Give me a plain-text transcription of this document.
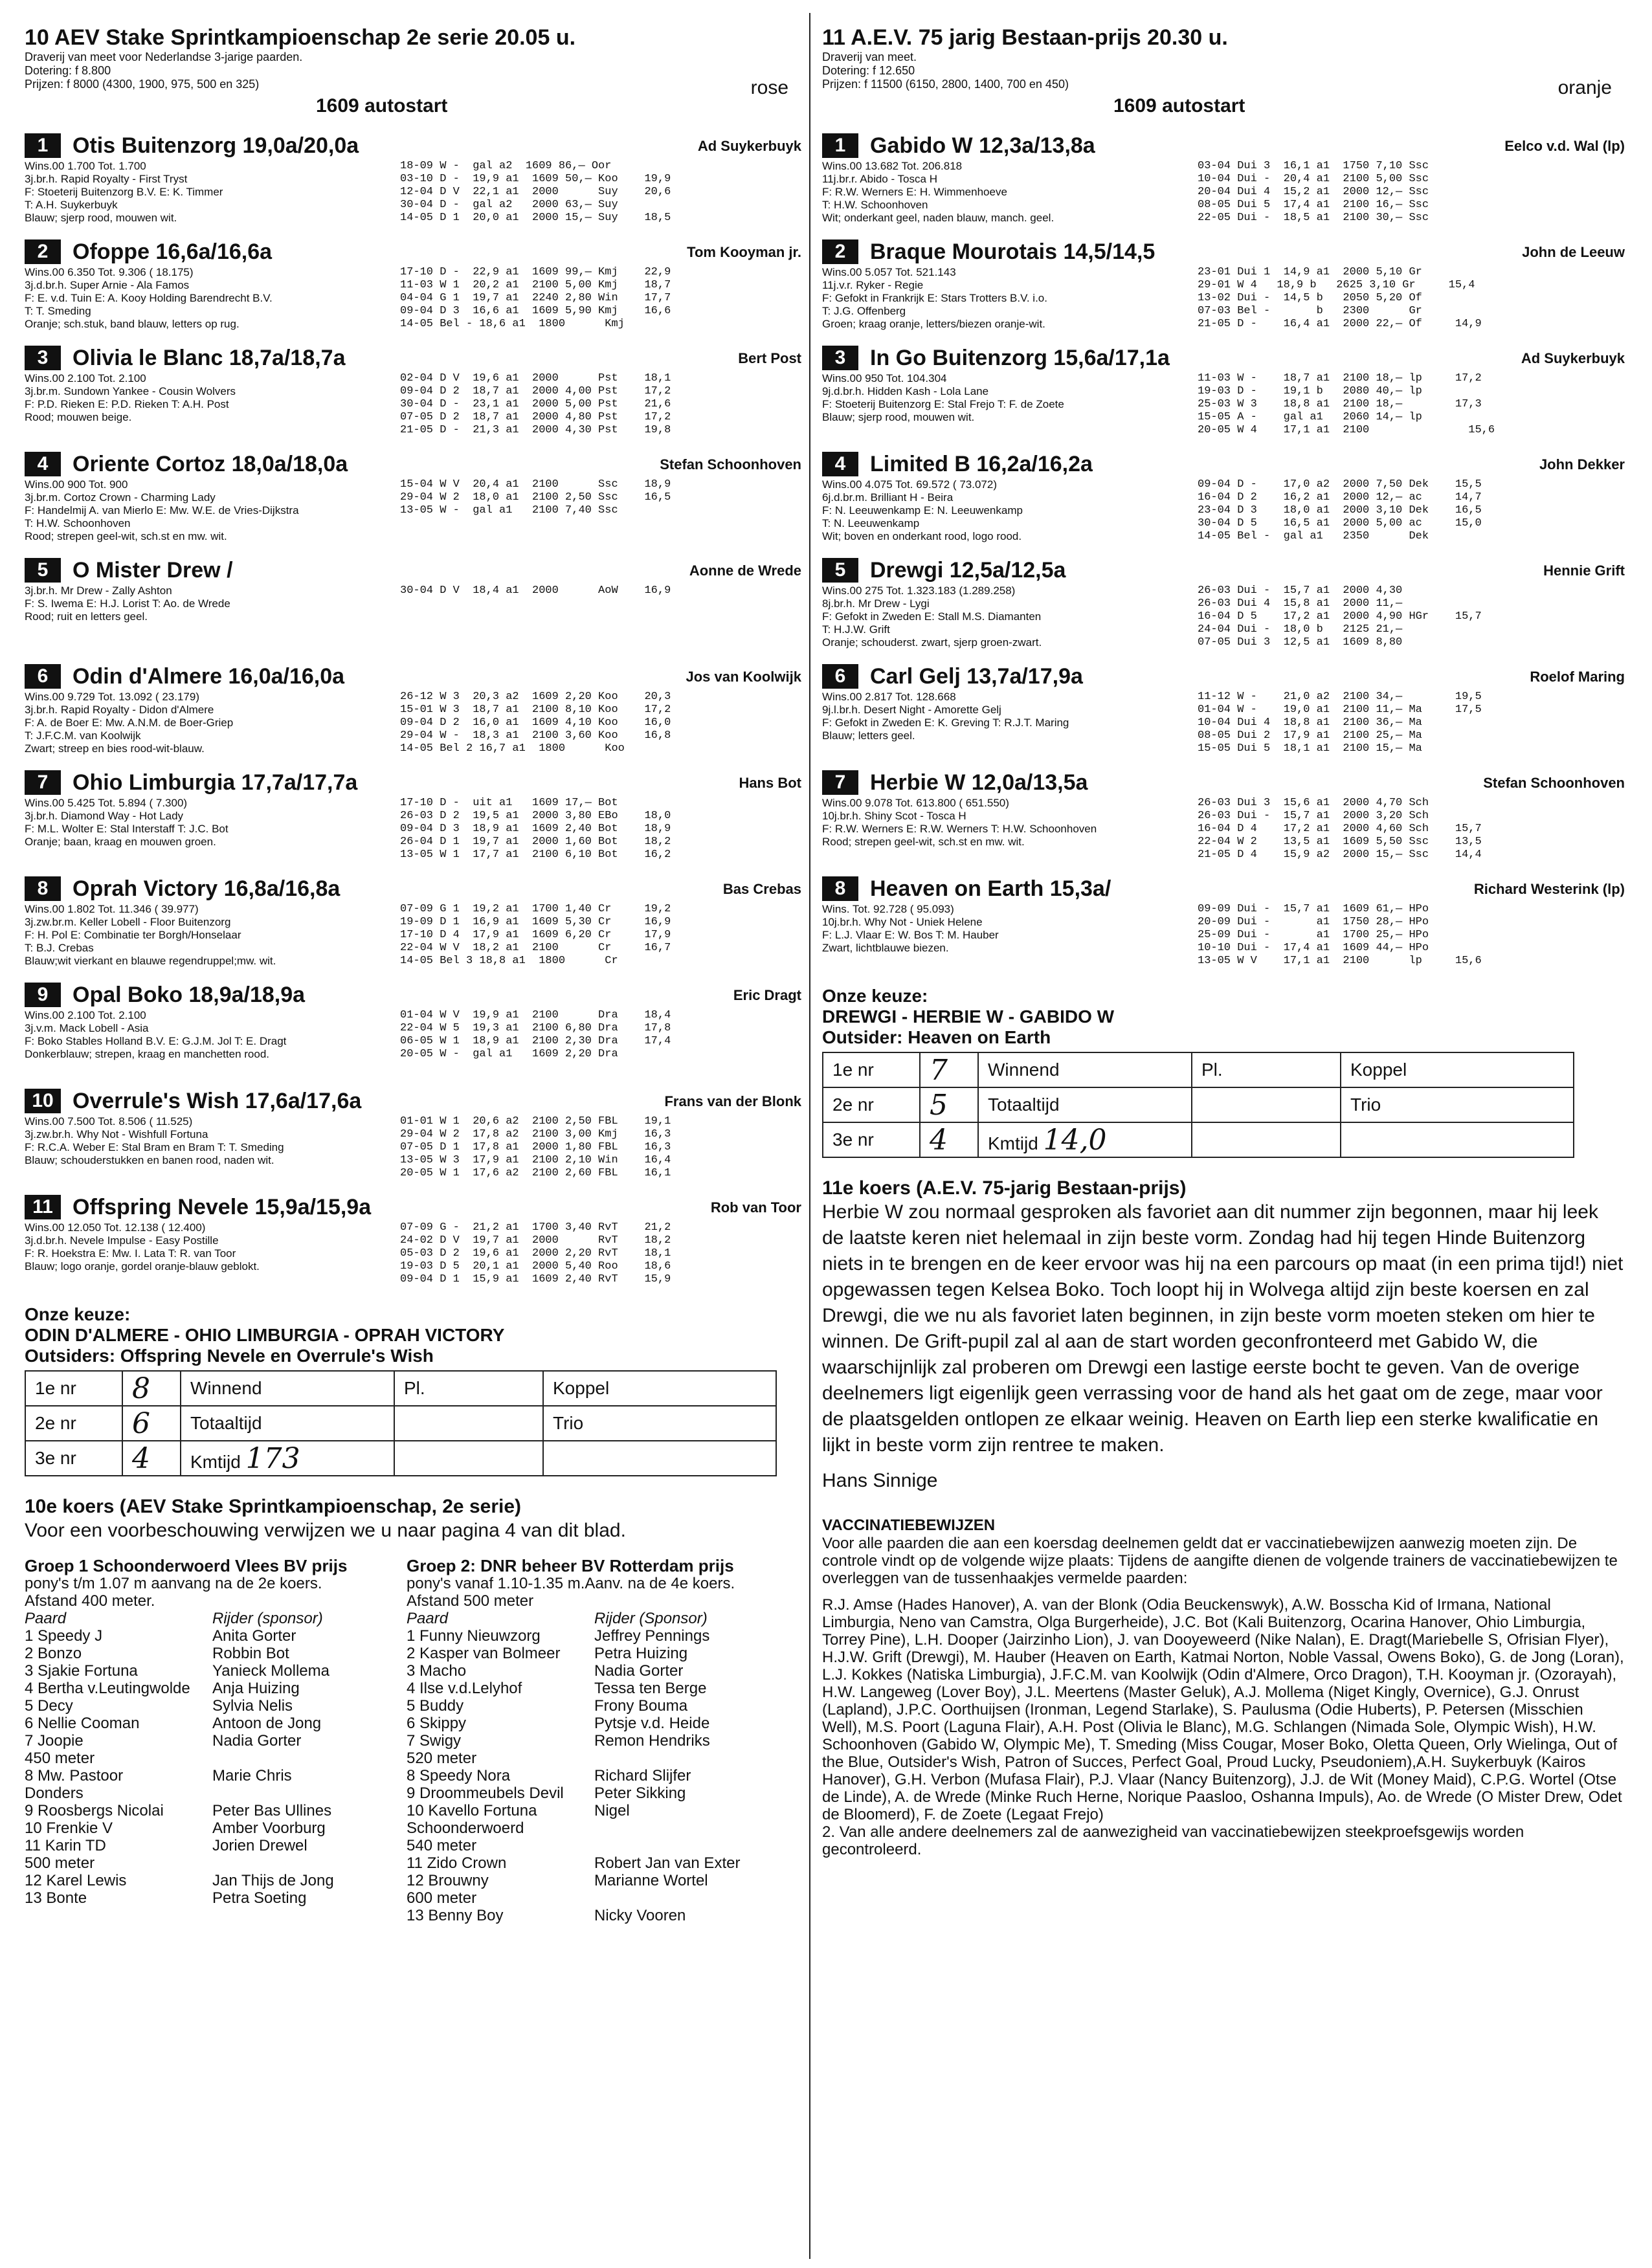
10 AEV Stake Sprintkampioenschap 2e serie 20.05 u.
Draverij van meet voor Nederlandse 3-jarige paarden.
Dotering: f 8.800
Prijzen: f 8000 (4300, 1900, 975, 500 en 325)	rose
1609 autostart
1	Otis Buitenzorg 19,0a/20,0a	Ad Suykerbuyk
Wins.00 1.700 Tot. 1.700
3j.br.h. Rapid Royalty - First Tryst
F: Stoeterij Buitenzorg B.V. E: K. Timmer
T: A.H. Suykerbuyk
Blauw; sjerp rood, mouwen wit.
18-09 W -  gal a2  1609 86,— Oor
03-10 D -  19,9 a1  1609 50,— Koo    19,9
12-04 D V  22,1 a1  2000      Suy    20,6
30-04 D -  gal a2   2000 63,— Suy
14-05 D 1  20,0 a1  2000 15,— Suy    18,5
2	Ofoppe 16,6a/16,6a	Tom Kooyman jr.
Wins.00 6.350 Tot. 9.306 ( 18.175)
3j.d.br.h. Super Arnie - Ala Famos
F: E. v.d. Tuin E: A. Kooy Holding Barendrecht B.V.
T: T. Smeding
Oranje; sch.stuk, band blauw, letters op rug.
17-10 D -  22,9 a1  1609 99,— Kmj    22,9
11-03 W 1  20,2 a1  2100 5,00 Kmj    18,7
04-04 G 1  19,7 a1  2240 2,80 Win    17,7
09-04 D 3  16,6 a1  1609 5,90 Kmj    16,6
14-05 Bel - 18,6 a1  1800      Kmj
3	Olivia le Blanc 18,7a/18,7a	Bert Post
Wins.00 2.100 Tot. 2.100
3j.br.m. Sundown Yankee - Cousin Wolvers
F: P.D. Rieken E: P.D. Rieken T: A.H. Post
Rood; mouwen beige.
02-04 D V  19,6 a1  2000      Pst    18,1
09-04 D 2  18,7 a1  2000 4,00 Pst    17,2
30-04 D -  23,1 a1  2000 5,00 Pst    21,6
07-05 D 2  18,7 a1  2000 4,80 Pst    17,2
21-05 D -  21,3 a1  2000 4,30 Pst    19,8
4	Oriente Cortoz 18,0a/18,0a	Stefan Schoonhoven
Wins.00 900 Tot. 900
3j.br.m. Cortoz Crown - Charming Lady
F: Handelmij A. van Mierlo E: Mw. W.E. de Vries-Dijkstra
T: H.W. Schoonhoven
Rood; strepen geel-wit, sch.st en mw. wit.
15-04 W V  20,4 a1  2100      Ssc    18,9
29-04 W 2  18,0 a1  2100 2,50 Ssc    16,5
13-05 W -  gal a1   2100 7,40 Ssc
5	O Mister Drew /	Aonne de Wrede
3j.br.h. Mr Drew - Zally Ashton
F: S. Iwema E: H.J. Lorist T: Ao. de Wrede
Rood; ruit en letters geel.
30-04 D V  18,4 a1  2000      AoW    16,9
6	Odin d'Almere 16,0a/16,0a	Jos van Koolwijk
Wins.00 9.729 Tot. 13.092 ( 23.179)
3j.br.h. Rapid Royalty - Didon d'Almere
F: A. de Boer E: Mw. A.N.M. de Boer-Griep
T: J.F.C.M. van Koolwijk
Zwart; streep en bies rood-wit-blauw.
26-12 W 3  20,3 a2  1609 2,20 Koo    20,3
15-01 W 3  18,7 a1  2100 8,10 Koo    17,2
09-04 D 2  16,0 a1  1609 4,10 Koo    16,0
29-04 W -  18,3 a1  2100 3,60 Koo    16,8
14-05 Bel 2 16,7 a1  1800      Koo
7	Ohio Limburgia 17,7a/17,7a	Hans Bot
Wins.00 5.425 Tot. 5.894 ( 7.300)
3j.br.h. Diamond Way - Hot Lady
F: M.L. Wolter E: Stal Interstaff T: J.C. Bot
Oranje; baan, kraag en mouwen groen.
17-10 D -  uit a1   1609 17,— Bot
26-03 D 2  19,5 a1  2000 3,80 EBo    18,0
09-04 D 3  18,9 a1  1609 2,40 Bot    18,9
26-04 D 1  19,7 a1  2000 1,60 Bot    18,2
13-05 W 1  17,7 a1  2100 6,10 Bot    16,2
8	Oprah Victory 16,8a/16,8a	Bas Crebas
Wins.00 1.802 Tot. 11.346 ( 39.977)
3j.zw.br.m. Keller Lobell - Floor Buitenzorg
F: H. Pol E: Combinatie ter Borgh/Honselaar
T: B.J. Crebas
Blauw;wit vierkant en blauwe regendruppel;mw. wit.
07-09 G 1  19,2 a1  1700 1,40 Cr     19,2
19-09 D 1  16,9 a1  1609 5,30 Cr     16,9
17-10 D 4  17,9 a1  1609 6,20 Cr     17,9
22-04 W V  18,2 a1  2100      Cr     16,7
14-05 Bel 3 18,8 a1  1800      Cr
9	Opal Boko 18,9a/18,9a	Eric Dragt
Wins.00 2.100 Tot. 2.100
3j.v.m. Mack Lobell - Asia
F: Boko Stables Holland B.V. E: G.J.M. Jol T: E. Dragt
Donkerblauw; strepen, kraag en manchetten rood.
01-04 W V  19,9 a1  2100      Dra    18,4
22-04 W 5  19,3 a1  2100 6,80 Dra    17,8
06-05 W 1  18,9 a1  2100 2,30 Dra    17,4
20-05 W -  gal a1   1609 2,20 Dra
10 Overrule's Wish 17,6a/17,6a	Frans van der Blonk
Wins.00 7.500 Tot. 8.506 ( 11.525)
3j.zw.br.h. Why Not - Wishfull Fortuna
F: R.C.A. Weber E: Stal Bram en Bram T: T. Smeding
Blauw; schouderstukken en banen rood, naden wit.
01-01 W 1  20,6 a2  2100 2,50 FBL    19,1
29-04 W 2  17,8 a2  2100 3,00 Kmj    16,3
07-05 D 1  17,8 a1  2000 1,80 FBL    16,3
13-05 W 3  17,9 a1  2100 2,10 Win    16,4
20-05 W 1  17,6 a2  2100 2,60 FBL    16,1
11 Offspring Nevele 15,9a/15,9a	Rob van Toor
Wins.00 12.050 Tot. 12.138 ( 12.400)
3j.d.br.h. Nevele Impulse - Easy Postille
F: R. Hoekstra E: Mw. I. Lata T: R. van Toor
Blauw; logo oranje, gordel oranje-blauw geblokt.
07-09 G -  21,2 a1  1700 3,40 RvT    21,2
24-02 D V  19,7 a1  2000      RvT    18,2
05-03 D 2  19,6 a1  2000 2,20 RvT    18,1
19-03 D 5  20,1 a1  2000 5,40 Roo    18,6
09-04 D 1  15,9 a1  1609 2,40 RvT    15,9
Onze keuze:
ODIN D'ALMERE - OHIO LIMBURGIA - OPRAH VICTORY
Outsiders: Offspring Nevele en Overrule's Wish
1e nr	8	Winnend	Pl.	Koppel
2e nr	6	Totaaltijd		Trio
3e nr	4	Kmtijd 173		
10e koers (AEV Stake Sprintkampioenschap, 2e serie)
Voor een voorbeschouwing verwijzen we u naar pagina 4 van dit blad.
Groep 1 Schoonderwoerd Vlees BV prijs
pony's t/m 1.07 m aanvang na de 2e koers.
Afstand 400 meter.
Paard	Rijder (sponsor)
1 Speedy J	Anita Gorter
2 Bonzo	Robbin Bot
3 Sjakie Fortuna	Yanieck Mollema
4 Bertha v.Leutingwolde	Anja Huizing
5 Decy	Sylvia Nelis
6 Nellie Cooman	Antoon de Jong
7 Joopie	Nadia Gorter
450 meter
8 Mw. Pastoor	Marie Chris
Donders
9 Roosbergs Nicolai	Peter Bas Ullines
10 Frenkie V	Amber Voorburg
11 Karin TD	Jorien Drewel
500 meter
12 Karel Lewis	Jan Thijs de Jong
13 Bonte	Petra Soeting
Groep 2: DNR beheer BV Rotterdam prijs
pony's vanaf 1.10-1.35 m.Aanv. na de 4e koers.
Afstand 500 meter
Paard	Rijder (Sponsor)
1 Funny Nieuwzorg	Jeffrey Pennings
2 Kasper van Bolmeer	Petra Huizing
3 Macho	Nadia Gorter
4 Ilse v.d.Lelyhof	Tessa ten Berge
5 Buddy	Frony Bouma
6 Skippy	Pytsje v.d. Heide
7 Swigy	Remon Hendriks
520 meter
8 Speedy Nora	Richard Slijfer
9 Droommeubels Devil	Peter Sikking
10 Kavello Fortuna	Nigel
Schoonderwoerd
540 meter
11 Zido Crown	Robert Jan van Exter
12 Brouwny	Marianne Wortel
600 meter
13 Benny Boy	Nicky Vooren
11 A.E.V. 75 jarig Bestaan-prijs 20.30 u.
Draverij van meet.
Dotering: f 12.650
Prijzen: f 11500 (6150, 2800, 1400, 700 en 450)	oranje
1609 autostart
1	Gabido W 12,3a/13,8a	Eelco v.d. Wal (lp)
Wins.00 13.682 Tot. 206.818
11j.br.r. Abido - Tosca H
F: R.W. Werners E: H. Wimmenhoeve
T: H.W. Schoonhoven
Wit; onderkant geel, naden blauw, manch. geel.
03-04 Dui 3  16,1 a1  1750 7,10 Ssc
10-04 Dui -  20,4 a1  2100 5,00 Ssc
20-04 Dui 4  15,2 a1  2000 12,— Ssc
08-05 Dui 5  17,4 a1  2100 16,— Ssc
22-05 Dui -  18,5 a1  2100 30,— Ssc
2	Braque Mourotais 14,5/14,5	John de Leeuw
Wins.00 5.057 Tot. 521.143
11j.v.r. Ryker - Regie
F: Gefokt in Frankrijk E: Stars Trotters B.V. i.o.
T: J.G. Offenberg
Groen; kraag oranje, letters/biezen oranje-wit.
23-01 Dui 1  14,9 a1  2000 5,10 Gr
29-01 W 4   18,9 b   2625 3,10 Gr     15,4
13-02 Dui -  14,5 b   2050 5,20 Of
07-03 Bel -       b   2300      Gr
21-05 D -    16,4 a1  2000 22,— Of     14,9
3	In Go Buitenzorg 15,6a/17,1a	Ad Suykerbuyk
Wins.00 950 Tot. 104.304
9j.d.br.h. Hidden Kash - Lola Lane
F: Stoeterij Buitenzorg E: Stal Frejo T: F. de Zoete
Blauw; sjerp rood, mouwen wit.
11-03 W -    18,7 a1  2100 18,— lp     17,2
19-03 D -    19,1 b   2080 40,— lp
25-03 W 3    18,8 a1  2100 18,—        17,3
15-05 A -    gal a1   2060 14,— lp
20-05 W 4    17,1 a1  2100               15,6
4	Limited B 16,2a/16,2a	John Dekker
Wins.00 4.075 Tot. 69.572 ( 73.072)
6j.d.br.m. Brilliant H - Beira
F: N. Leeuwenkamp E: N. Leeuwenkamp
T: N. Leeuwenkamp
Wit; boven en onderkant rood, logo rood.
09-04 D -    17,0 a2  2000 7,50 Dek    15,5
16-04 D 2    16,2 a1  2000 12,— ac     14,7
23-04 D 3    18,0 a1  2000 3,10 Dek    16,5
30-04 D 5    16,5 a1  2000 5,00 ac     15,0
14-05 Bel -  gal a1   2350      Dek
5	Drewgi 12,5a/12,5a	Hennie Grift
Wins.00 275 Tot. 1.323.183 (1.289.258)
8j.br.h. Mr Drew - Lygi
F: Gefokt in Zweden E: Stall M.S. Diamanten
T: H.J.W. Grift
Oranje; schouderst. zwart, sjerp groen-zwart.
26-03 Dui -  15,7 a1  2000 4,30
26-03 Dui 4  15,8 a1  2000 11,—
16-04 D 5    17,2 a1  2000 4,90 HGr    15,7
24-04 Dui -  18,0 b   2125 21,—
07-05 Dui 3  12,5 a1  1609 8,80
6	Carl Gelj 13,7a/17,9a	Roelof Maring
Wins.00 2.817 Tot. 128.668
9j.l.br.h. Desert Night - Amorette Gelj
F: Gefokt in Zweden E: K. Greving T: R.J.T. Maring
Blauw; letters geel.
11-12 W -    21,0 a2  2100 34,—        19,5
01-04 W -    19,0 a1  2100 11,— Ma     17,5
10-04 Dui 4  18,8 a1  2100 36,— Ma
08-05 Dui 2  17,9 a1  2100 25,— Ma
15-05 Dui 5  18,1 a1  2100 15,— Ma
7	Herbie W 12,0a/13,5a	Stefan Schoonhoven
Wins.00 9.078 Tot. 613.800 ( 651.550)
10j.br.h. Shiny Scot - Tosca H
F: R.W. Werners E: R.W. Werners T: H.W. Schoonhoven
Rood; strepen geel-wit, sch.st en mw. wit.
26-03 Dui 3  15,6 a1  2000 4,70 Sch
26-03 Dui -  15,7 a1  2000 3,20 Sch
16-04 D 4    17,2 a1  2000 4,60 Sch    15,7
22-04 W 2    13,5 a1  1609 5,50 Ssc    13,5
21-05 D 4    15,9 a2  2000 15,— Ssc    14,4
8	Heaven on Earth 15,3a/	Richard Westerink (lp)
Wins. Tot. 92.728 ( 95.093)
10j.br.h. Why Not - Uniek Helene
F: L.J. Vlaar E: W. Bos T: M. Hauber
Zwart, lichtblauwe biezen.
09-09 Dui -  15,7 a1  1609 61,— HPo
20-09 Dui -       a1  1750 28,— HPo
25-09 Dui -       a1  1700 25,— HPo
10-10 Dui -  17,4 a1  1609 44,— HPo
13-05 W V    17,1 a1  2100      lp     15,6
Onze keuze:
DREWGI - HERBIE W - GABIDO W
Outsider: Heaven on Earth
1e nr	7	Winnend	Pl.	Koppel
2e nr	5	Totaaltijd		Trio
3e nr	4	Kmtijd 14,0		
11e koers (A.E.V. 75-jarig Bestaan-prijs)
Herbie W zou normaal gesproken als favoriet aan dit nummer zijn begonnen, maar hij leek de laatste keren niet helemaal in zijn beste vorm. Zondag had hij tegen Hinde Buitenzorg niets in te brengen en de keer ervoor was hij na een parcours op maat (in een prima tijd!) niet opgewassen tegen Kelsea Boko. Toch loopt hij in Wolvega altijd zijn beste koersen en zal Drewgi, die we nu als favoriet laten beginnen, in zijn beste vorm moeten steken om hier te winnen. De Grift-pupil zal al aan de start worden geconfronteerd met Gabido W, die waarschijnlijk zal proberen om Drewgi een lastige eerste bocht te geven. Van de overige deelnemers ligt eigenlijk geen verrassing voor de hand als het gaat om de zege, maar voor de plaatsgelden ontlopen ze elkaar weinig. Heaven on Earth liep een sterke kwalificatie en lijkt in beste vorm zijn rentree te maken.
Hans Sinnige
VACCINATIEBEWIJZEN
Voor alle paarden die aan een koersdag deelnemen geldt dat er vaccinatiebewijzen aanwezig moeten zijn. De controle vindt op de volgende wijze plaats: Tijdens de aangifte dienen de volgende trainers de vaccinatiebewijzen te overleggen van de tussenhaakjes vermelde paarden:
R.J. Amse (Hades Hanover), A. van der Blonk (Odia Beuckenswyk), A.W. Bosscha Kid of Irmana, National Limburgia, Neno van Camstra, Olga Burgerheide), J.C. Bot (Kali Buitenzorg, Ocarina Hanover, Ohio Limburgia, Torrey Pine), L.H. Dooper (Jairzinho Lion), J. van Dooyeweerd (Nike Nalan), E. Dragt(Mariebelle S, Ofrisian Flyer), H.J.W. Grift (Drewgi), M. Hauber (Heaven on Earth, Katmai Norton, Noble Vassal, Owens Boko), G. de Jong (Loran), L.J. Kokkes (Natiska Limburgia), J.F.C.M. van Koolwijk (Odin d'Almere, Orco Dragon), T.H. Kooyman jr. (Ozorayah), H.W. Langeweg (Lover Boy), J.L. Meertens (Master Geluk), A.J. Mollema (Niget Kingly, Overnice), G.J. Onrust (Lapland), J.P.C. Oorthuijsen (Ironman, Legend Starlake), S. Paulusma (Odie Huberts), P. Petersen (Misschien Well), M.S. Poort (Laguna Flair), A.H. Post (Olivia le Blanc), M.G. Schlangen (Nimada Sole, Olympic Wish), H.W. Schoonhoven (Gabido W, Olympic Me), T. Smeding (Miss Cougar, Moser Boko, Oletta Queen, Orly Wielinga, Out of the Blue, Outsider's Wish, Patron of Succes, Perfect Goal, Proud Lucky, Pseudoniem),A.H. Suykerbuyk (Kairos Hanover), G.H. Verbon (Mufasa Flair), P.J. Vlaar (Nancy Buitenzorg), J.J. de Wit (Money Maid), C.P.G. Wortel (Otse de Linde), A. de Wrede (Minke Ruch Herne, Norique Paasloo, Oshanna Impuls), Ao. de Wrede (O Mister Drew, Odet de Bloomerd), F. de Zoete (Legaat Frejo)
2. Van alle andere deelnemers zal de aanwezigheid van vaccinatiebewijzen steekproefsgewijs worden gecontroleerd.
